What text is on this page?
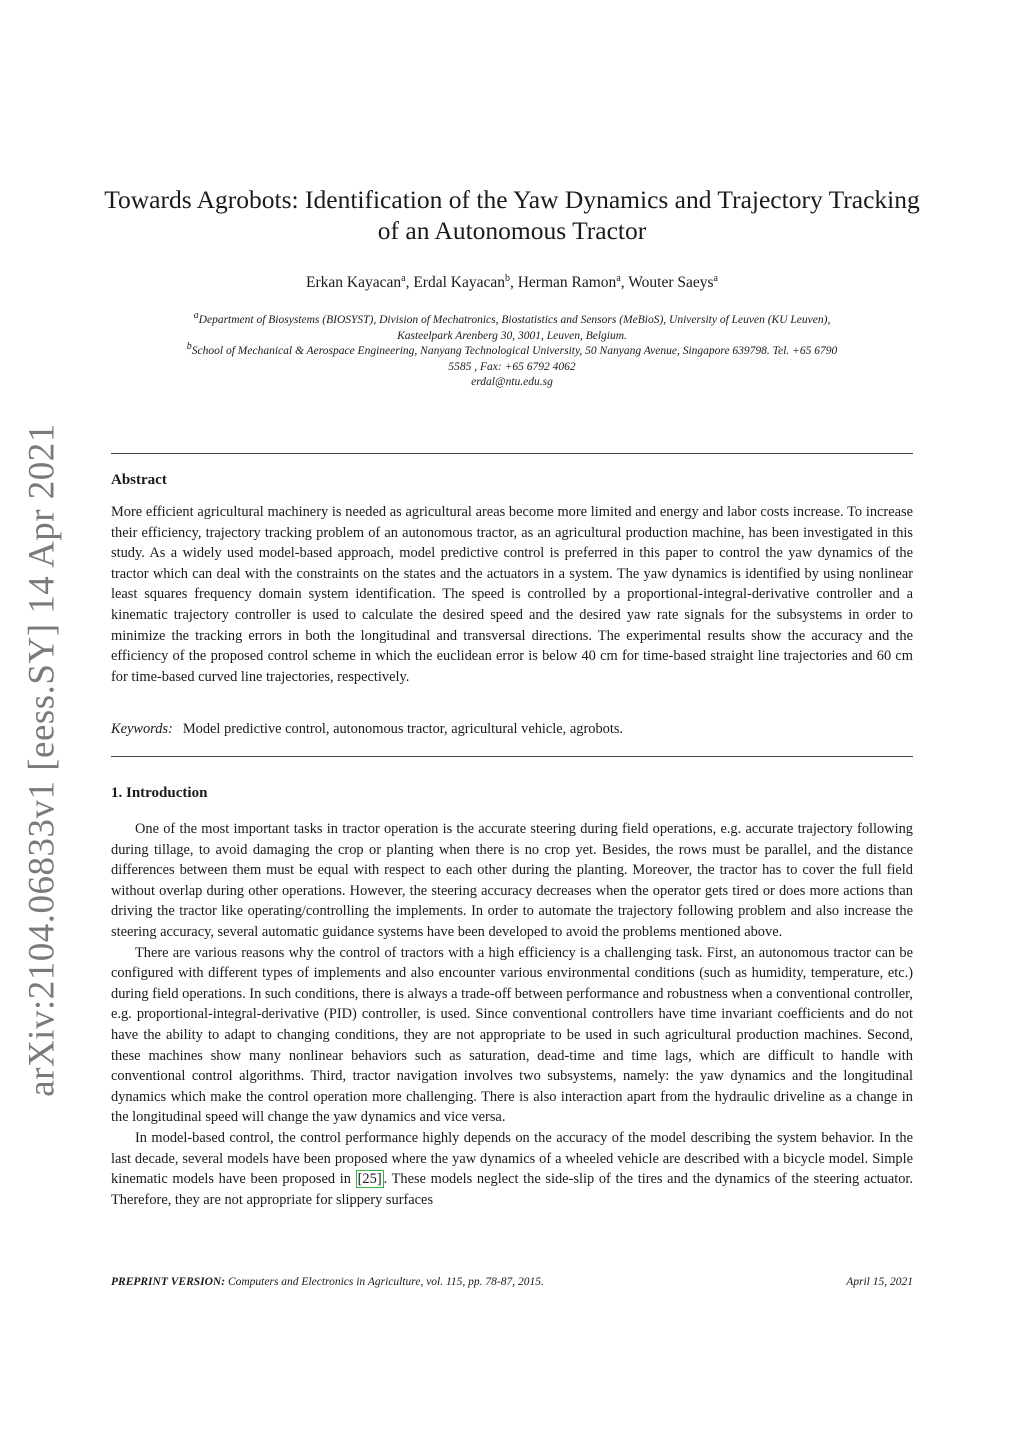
arXiv:2104.06833v1 [eess.SY] 14 Apr 2021
Towards Agrobots: Identification of the Yaw Dynamics and Trajectory Tracking
of an Autonomous Tractor
Erkan Kayacan$^a$, Erdal Kayacan$^b$, Herman Ramon$^a$, Wouter Saeys$^a$
$^a$Department of Biosystems (BIOSYST), Division of Mechatronics, Biostatistics and Sensors (MeBioS), University of Leuven (KU Leuven),
Kasteelpark Arenberg 30, 3001, Leuven, Belgium.
$^b$School of Mechanical & Aerospace Engineering, Nanyang Technological University, 50 Nanyang Avenue, Singapore 639798. Tel. +65 6790
5585 , Fax: +65 6792 4062
erdal@ntu.edu.sg
Abstract

More efficient agricultural machinery is needed as agricultural areas become more limited and energy and labor costs increase. To increase their efficiency, trajectory tracking problem of an autonomous tractor, as an agricultural production machine, has been investigated in this study. As a widely used model-based approach, model predictive control is preferred in this paper to control the yaw dynamics of the tractor which can deal with the constraints on the states and the actuators in a system. The yaw dynamics is identified by using nonlinear least squares frequency domain system identification. The speed is controlled by a proportional-integral-derivative controller and a kinematic trajectory controller is used to calculate the desired speed and the desired yaw rate signals for the subsystems in order to minimize the tracking errors in both the longitudinal and transversal directions. The experimental results show the accuracy and the efficiency of the proposed control scheme in which the euclidean error is below 40 cm for time-based straight line trajectories and 60 cm for time-based curved line trajectories, respectively.

Keywords: Model predictive control, autonomous tractor, agricultural vehicle, agrobots.
1. Introduction

One of the most important tasks in tractor operation is the accurate steering during field operations, e.g. accurate trajectory following during tillage, to avoid damaging the crop or planting when there is no crop yet. Besides, the rows must be parallel, and the distance differences between them must be equal with respect to each other during the planting. Moreover, the tractor has to cover the full field without overlap during other operations. However, the steering accuracy decreases when the operator gets tired or does more actions than driving the tractor like operating/controlling the implements. In order to automate the trajectory following problem and also increase the steering accuracy, several automatic guidance systems have been developed to avoid the problems mentioned above.

There are various reasons why the control of tractors with a high efficiency is a challenging task. First, an autonomous tractor can be configured with different types of implements and also encounter various environmental conditions (such as humidity, temperature, etc.) during field operations. In such conditions, there is always a trade-off between performance and robustness when a conventional controller, e.g. proportional-integral-derivative (PID) controller, is used. Since conventional controllers have time invariant coefficients and do not have the ability to adapt to changing conditions, they are not appropriate to be used in such agricultural production machines. Second, these machines show many nonlinear behaviors such as saturation, dead-time and time lags, which are difficult to handle with conventional control algorithms. Third, tractor navigation involves two subsystems, namely: the yaw dynamics and the longitudinal dynamics which make the control operation more challenging. There is also interaction apart from the hydraulic driveline as a change in the longitudinal speed will change the yaw dynamics and vice versa.

In model-based control, the control performance highly depends on the accuracy of the model describing the system behavior. In the last decade, several models have been proposed where the yaw dynamics of a wheeled vehicle are described with a bicycle model. Simple kinematic models have been proposed in [25] . These models neglect the side-slip of the tires and the dynamics of the steering actuator. Therefore, they are not appropriate for slippery surfaces

PREPRINT VERSION: Computers and Electronics in Agriculture, vol. 115, pp. 78-87, 2015.	April 15, 2021
